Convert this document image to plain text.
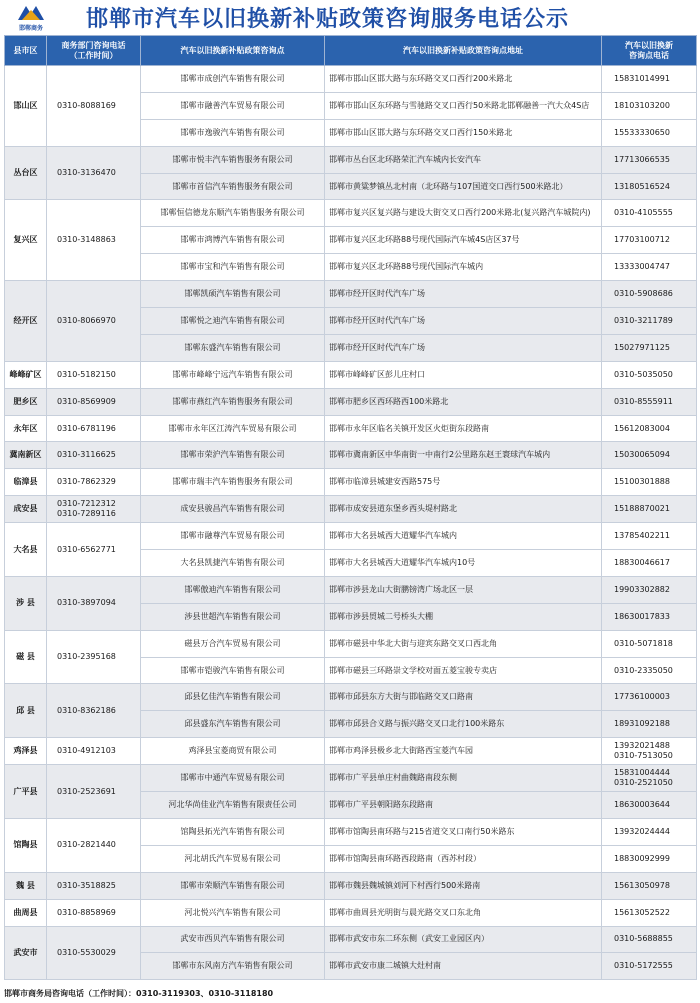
邯郸商务	邯郸市汽车以旧换新补贴政策咨询服务电话公示
县市区	商务部门咨询电话
（工作时间）	汽车以旧换新补贴政策咨询点	汽车以旧换新补贴政策咨询点地址	汽车以旧换新
咨询点电话
邯山区	0310-8088169	邯郸市成创汽车销售有限公司	邯郸市邯山区邯大路与东环路交叉口西行200米路北	15831014991
		邯郸市融善汽车贸易有限公司	邯郸市邯山区东环路与雪驰路交叉口西行50米路北邯郸融善一汽大众4S店	18103103200
		邯郸市逸骏汽车销售有限公司	邯郸市邯山区邯大路与东环路交叉口西行150米路北	15533330650
丛台区	0310-3136470	邯郸市悦丰汽车销售服务有限公司	邯郸市丛台区北环路荣汇汽车城内长安汽车	17713066535
		邯郸市首信汽车销售服务有限公司	邯郸市黄粱梦镇丛北村南（北环路与107国道交口西行500米路北）	13180516524
复兴区	0310-3148863	邯郸恒信德龙东顺汽车销售服务有限公司	邯郸市复兴区复兴路与建设大街交叉口西行200米路北(复兴路汽车城院内)	0310-4105555
		邯郸市鸿博汽车销售有限公司	邯郸市复兴区北环路88号现代国际汽车城4S店区37号	17703100712
		邯郸市宝和汽车销售有限公司	邯郸市复兴区北环路88号现代国际汽车城内	13333004747
经开区	0310-8066970	邯郸凯硕汽车销售有限公司	邯郸市经开区时代汽车广场	0310-5908686
		邯郸悦之迪汽车销售有限公司	邯郸市经开区时代汽车广场	0310-3211789
		邯郸东盛汽车销售有限公司	邯郸市经开区时代汽车广场	15027971125
峰峰矿区	0310-5182150	邯郸市峰峰宁远汽车销售有限公司	邯郸市峰峰矿区彭儿庄村口	0310-5035050
肥乡区	0310-8569909	邯郸市燕红汽车销售服务有限公司	邯郸市肥乡区西环路西100米路北	0310-8555911
永年区	0310-6781196	邯郸市永年区江涛汽车贸易有限公司	邯郸市永年区临名关镇开发区火炬街东段路南	15612083004
冀南新区	0310-3116625	邯郸市荣沪汽车销售有限公司	邯郸市冀南新区中华南街一中南行2公里路东赵王寰球汽车城内	15030065094
临漳县	0310-7862329	邯郸市瑞丰汽车销售服务有限公司	邯郸市临漳县城建安西路575号	15100301888
成安县	0310-7212312
0310-7289116	成安县骏昌汽车销售有限公司	邯郸市成安县道东堡乡西头堤村路北	15188870021
大名县	0310-6562771	邯郸市融尊汽车贸易有限公司	邯郸市大名县城西大道耀华汽车城内	13785402211
		大名县凯捷汽车销售有限公司	邯郸市大名县城西大道耀华汽车城内10号	18830046617
涉 县	0310-3897094	邯郸傲迪汽车销售有限公司	邯郸市涉县龙山大街鹏镑湾广场北区一层	19903302882
		涉县世超汽车销售有限公司	邯郸市涉县贸城二号桥头大棚	18630017833
磁 县	0310-2395168	磁县万合汽车贸易有限公司	邯郸市磁县中华北大街与迎宾东路交叉口西北角	0310-5071818
		邯郸市铠骏汽车销售有限公司	邯郸市磁县三环路崇文学校对面五菱宝骏专卖店	0310-2335050
邱 县	0310-8362186	邱县亿佳汽车销售有限公司	邯郸市邱县东方大街与邯临路交叉口路南	17736100003
		邱县盛东汽车销售有限公司	邯郸市邱县合义路与振兴路交叉口北行100米路东	18931092188
鸡泽县	0310-4912103	鸡泽县宝菱商贸有限公司	邯郸市鸡泽县极乡北大街路西宝菱汽车园	13932021488
0310-7513050
广平县	0310-2523691	邯郸市中通汽车贸易有限公司	邯郸市广平县单庄村曲魏路南段东侧	15831004444
0310-2521050
		河北华尚佳业汽车销售有限责任公司	邯郸市广平县朝阳路东段路南	18630003644
馆陶县	0310-2821440	馆陶县拓光汽车销售有限公司	邯郸市馆陶县南环路与215省道交叉口南行50米路东	13932024444
		河北胡氏汽车贸易有限公司	邯郸市馆陶县南环路西段路南（西苏村段）	18830092999
魏 县	0310-3518825	邯郸市荣顺汽车销售有限公司	邯郸市魏县魏城镇刘河下村西行500米路南	15613050978
曲周县	0310-8858969	河北悦兴汽车销售有限公司	邯郸市曲周县光明街与晨光路交叉口东北角	15613052522
武安市	0310-5530029	武安市西贝汽车销售有限公司	邯郸市武安市东二环东侧（武安工业园区内）	0310-5688855
		邯郸市东风南方汽车销售有限公司	邯郸市武安市康二城镇大灶村南	0310-5172555
邯郸市商务局咨询电话（工作时间）：0310-3119303、0310-3118180
